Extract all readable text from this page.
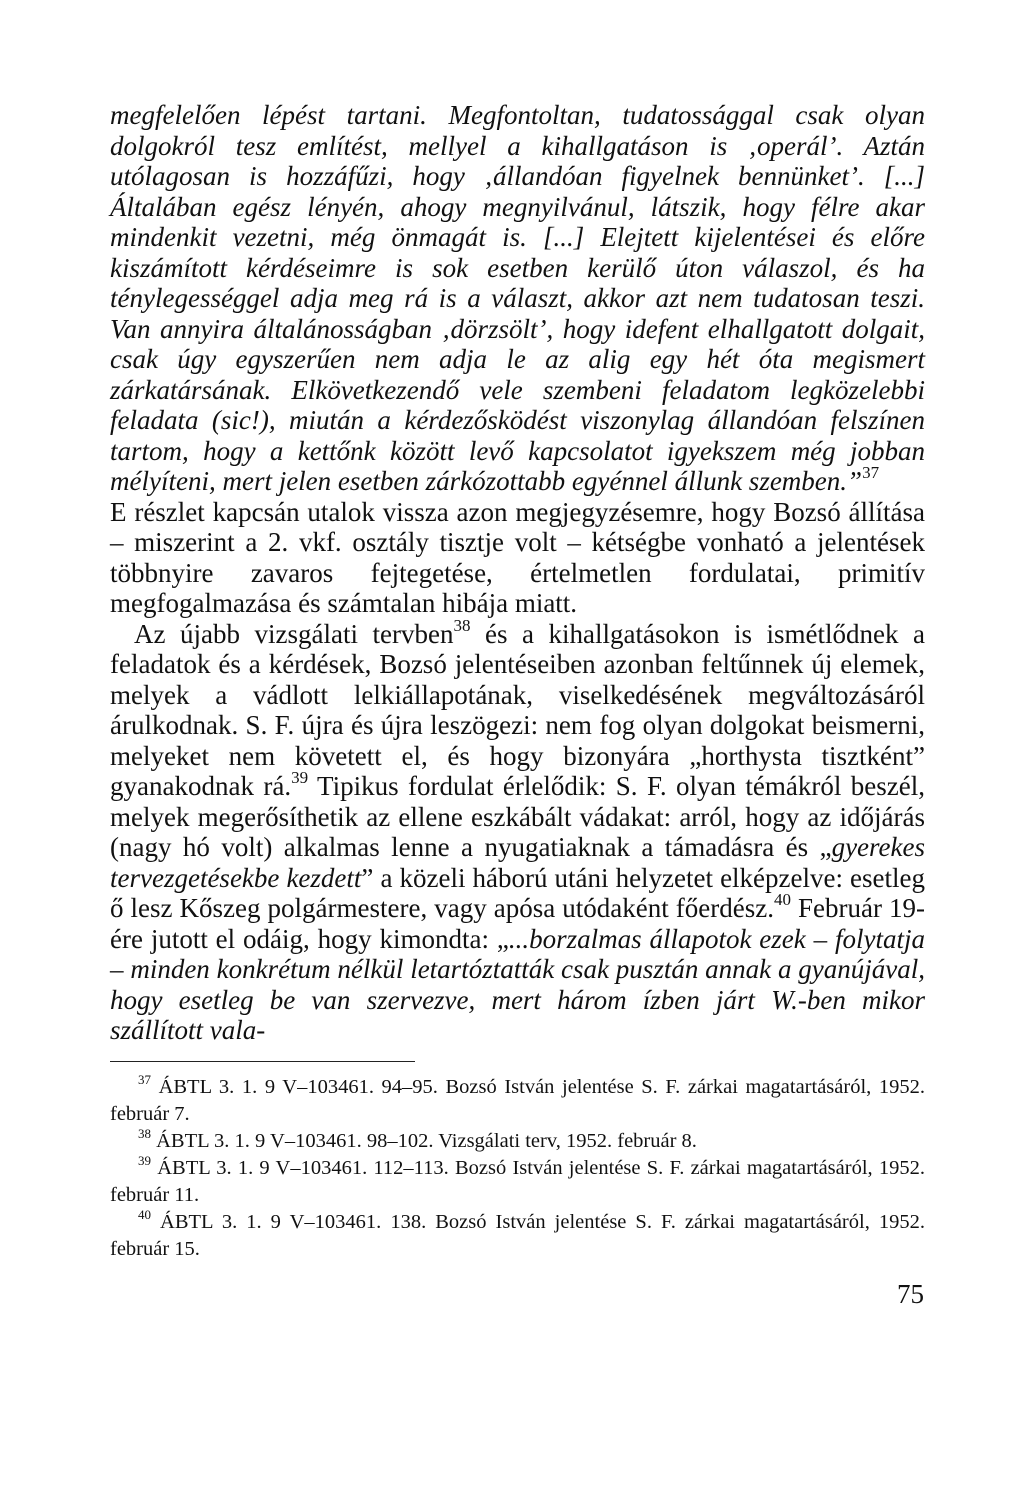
megfelelően lépést tartani. Megfontoltan, tudatossággal csak olyan dolgokról tesz említést, mellyel a kihallgatáson is ‚operál’. Aztán utólagosan is hozzáfűzi, hogy ‚állandóan figyelnek bennünket’. [...] Általában egész lényén, ahogy megnyilvánul, látszik, hogy félre akar mindenkit vezetni, még önmagát is. [...] Elejtett kijelentései és előre kiszámított kérdéseimre is sok esetben kerülő úton válaszol, és ha ténylegességgel adja meg rá is a választ, akkor azt nem tudatosan teszi. Van annyira általánosságban ‚dörzsölt’, hogy idefent elhallgatott dolgait, csak úgy egyszerűen nem adja le az alig egy hét óta megismert zárkatársának. Elkövetkezendő vele szembeni feladatom legközelebbi feladata (sic!), miután a kérdezősködést viszonylag állandóan felszínen tartom, hogy a kettőnk között levő kapcsolatot igyekszem még jobban mélyíteni, mert jelen esetben zárkózottabb egyénnel állunk szemben.”$^{37}$

E részlet kapcsán utalok vissza azon megjegyzésemre, hogy Bozsó állítása – miszerint a 2. vkf. osztály tisztje volt – kétségbe vonható a jelentések többnyire zavaros fejtegetése, értelmetlen fordulatai, primitív megfogalmazása és számtalan hibája miatt.

Az újabb vizsgálati tervben$^{38}$ és a kihallgatásokon is ismétlődnek a feladatok és a kérdések, Bozsó jelentéseiben azonban feltűnnek új elemek, melyek a vádlott lelkiállapotának, viselkedésének megváltozásáról árulkodnak. S. F. újra és újra leszögezi: nem fog olyan dolgokat beismerni, melyeket nem követett el, és hogy bizonyára „horthysta tisztként” gyanakodnak rá.$^{39}$ Tipikus fordulat érlelődik: S. F. olyan témákról beszél, melyek megerősíthetik az ellene eszkábált vádakat: arról, hogy az időjárás (nagy hó volt) alkalmas lenne a nyugatiaknak a támadásra és „gyerekes tervezgetésekbe kezdett” a közeli háború utáni helyzetet elképzelve: esetleg ő lesz Kőszeg polgármestere, vagy apósa utódaként főerdész.$^{40}$ Február 19-ére jutott el odáig, hogy kimondta: „...borzalmas állapotok ezek – folytatja – minden konkrétum nélkül letartóztatták csak pusztán annak a gyanújával, hogy esetleg be van szervezve, mert három ízben járt W.-ben mikor szállított vala-

$^{37}$ ÁBTL 3. 1. 9 V–103461. 94–95. Bozsó István jelentése S. F. zárkai magatartásáról, 1952. február 7.

$^{38}$ ÁBTL 3. 1. 9 V–103461. 98–102. Vizsgálati terv, 1952. február 8.

$^{39}$ ÁBTL 3. 1. 9 V–103461. 112–113. Bozsó István jelentése S. F. zárkai magatartásáról, 1952. február 11.

$^{40}$ ÁBTL 3. 1. 9 V–103461. 138. Bozsó István jelentése S. F. zárkai magatartásáról, 1952. február 15.

75
